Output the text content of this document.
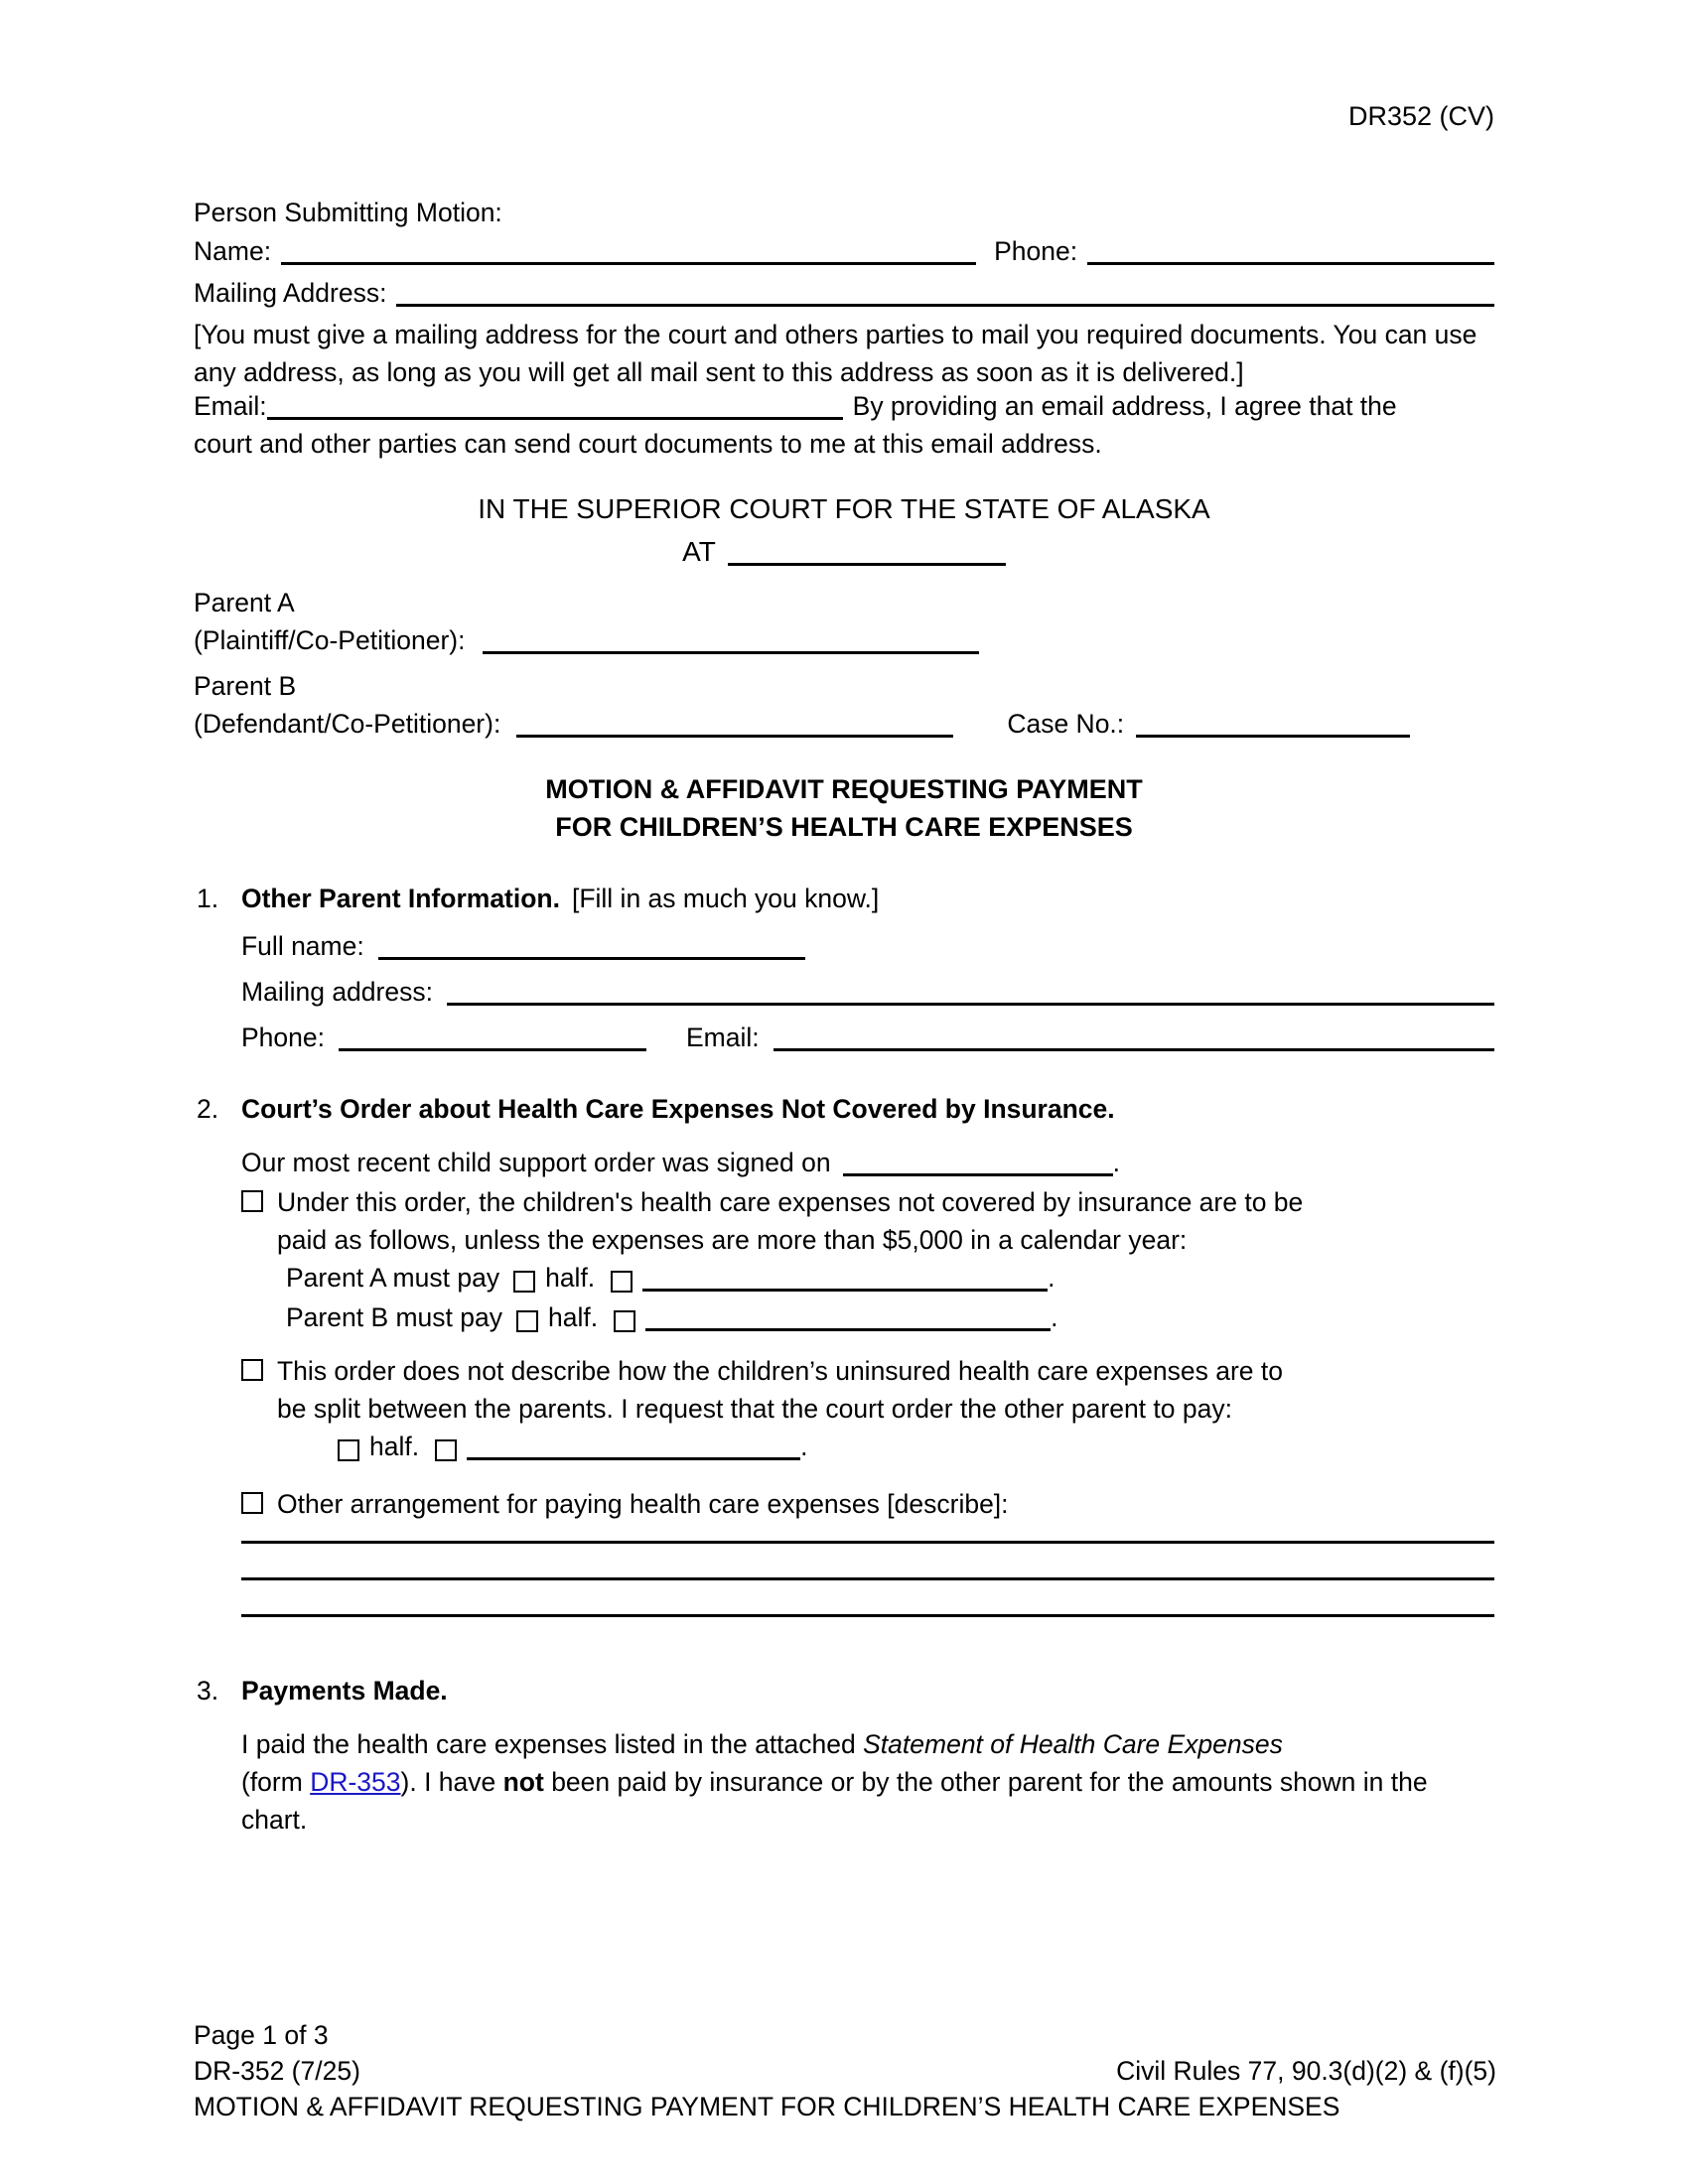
DR352 (CV)
Person Submitting Motion:
Name:	Phone:
Mailing Address:
[You must give a mailing address for the court and others parties to mail you required documents. You can use any address, as long as you will get all mail sent to this address as soon as it is delivered.]
Email:	By providing an email address, I agree that the
court and other parties can send court documents to me at this email address.
IN THE SUPERIOR COURT FOR THE STATE OF ALASKA
AT
Parent A
(Plaintiff/Co-Petitioner):
Parent B
(Defendant/Co-Petitioner):	Case No.:
MOTION & AFFIDAVIT REQUESTING PAYMENT
FOR CHILDREN’S HEALTH CARE EXPENSES
1. Other Parent Information. [Fill in as much you know.]
Full name:
Mailing address:
Phone:	Email:
2. Court’s Order about Health Care Expenses Not Covered by Insurance.
Our most recent child support order was signed on	.
Under this order, the children's health care expenses not covered by insurance are to be
paid as follows, unless the expenses are more than $5,000 in a calendar year:
Parent A must pay half.	.
Parent B must pay half.	.
This order does not describe how the children’s uninsured health care expenses are to
be split between the parents. I request that the court order the other parent to pay:
half.	.
Other arrangement for paying health care expenses [describe]:
3. Payments Made.
I paid the health care expenses listed in the attached Statement of Health Care Expenses
(form DR-353). I have not been paid by insurance or by the other parent for the amounts shown in the chart.
Page 1 of 3
DR-352 (7/25)	Civil Rules 77, 90.3(d)(2) & (f)(5)
MOTION & AFFIDAVIT REQUESTING PAYMENT FOR CHILDREN’S HEALTH CARE EXPENSES
